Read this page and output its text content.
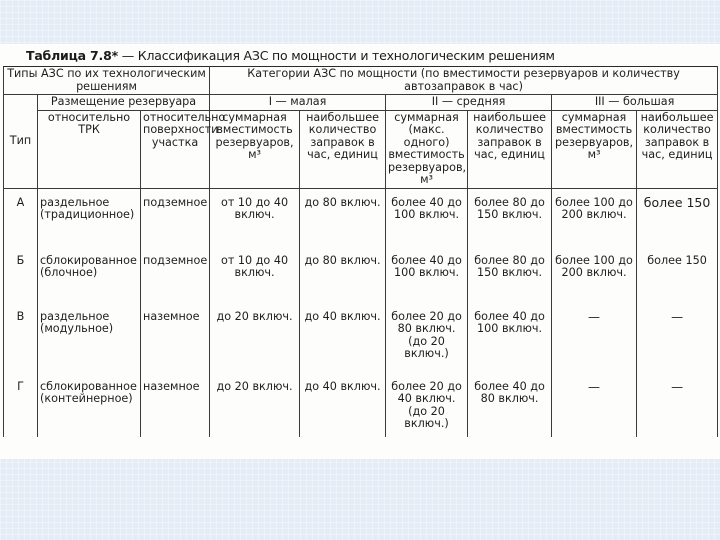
Таблица 7.8* — Классификация АЗС по мощности и технологическим решениям
Типы АЗС по их технологическим решениям			Категории АЗС по мощности (по вместимости резервуаров и количеству автозаправок в час)					
Тип	Размещение резервуара		I — малая		II — средняя		III — большая	
	относительно ТРК	относительно поверхности участка	суммарная вместимость резервуаров, м³	наибольшее количество заправок в час, единиц	суммарная (макс. одного) вместимость резервуаров, м³	наибольшее количество заправок в час, единиц	суммарная вместимость резервуаров, м³	наибольшее количество заправок в час, единиц

А	раздельное (традиционное)	подземное	от 10 до 40 включ.	до 80 включ.	более 40 до 100 включ.	более 80 до 150 включ.	более 100 до 200 включ.	более 150
Б	сблокированное (блочное)	подземное	от 10 до 40 включ.	до 80 включ.	более 40 до 100 включ.	более 80 до 150 включ.	более 100 до 200 включ.	более 150
В	раздельное (модульное)	наземное	до 20 включ.	до 40 включ.	более 20 до 80 включ. (до 20 включ.)	более 40 до 100 включ.	—	—
Г	сблокированное (контейнерное)	наземное	до 20 включ.	до 40 включ.	более 20 до 40 включ. (до 20 включ.)	более 40 до 80 включ.	—	—
